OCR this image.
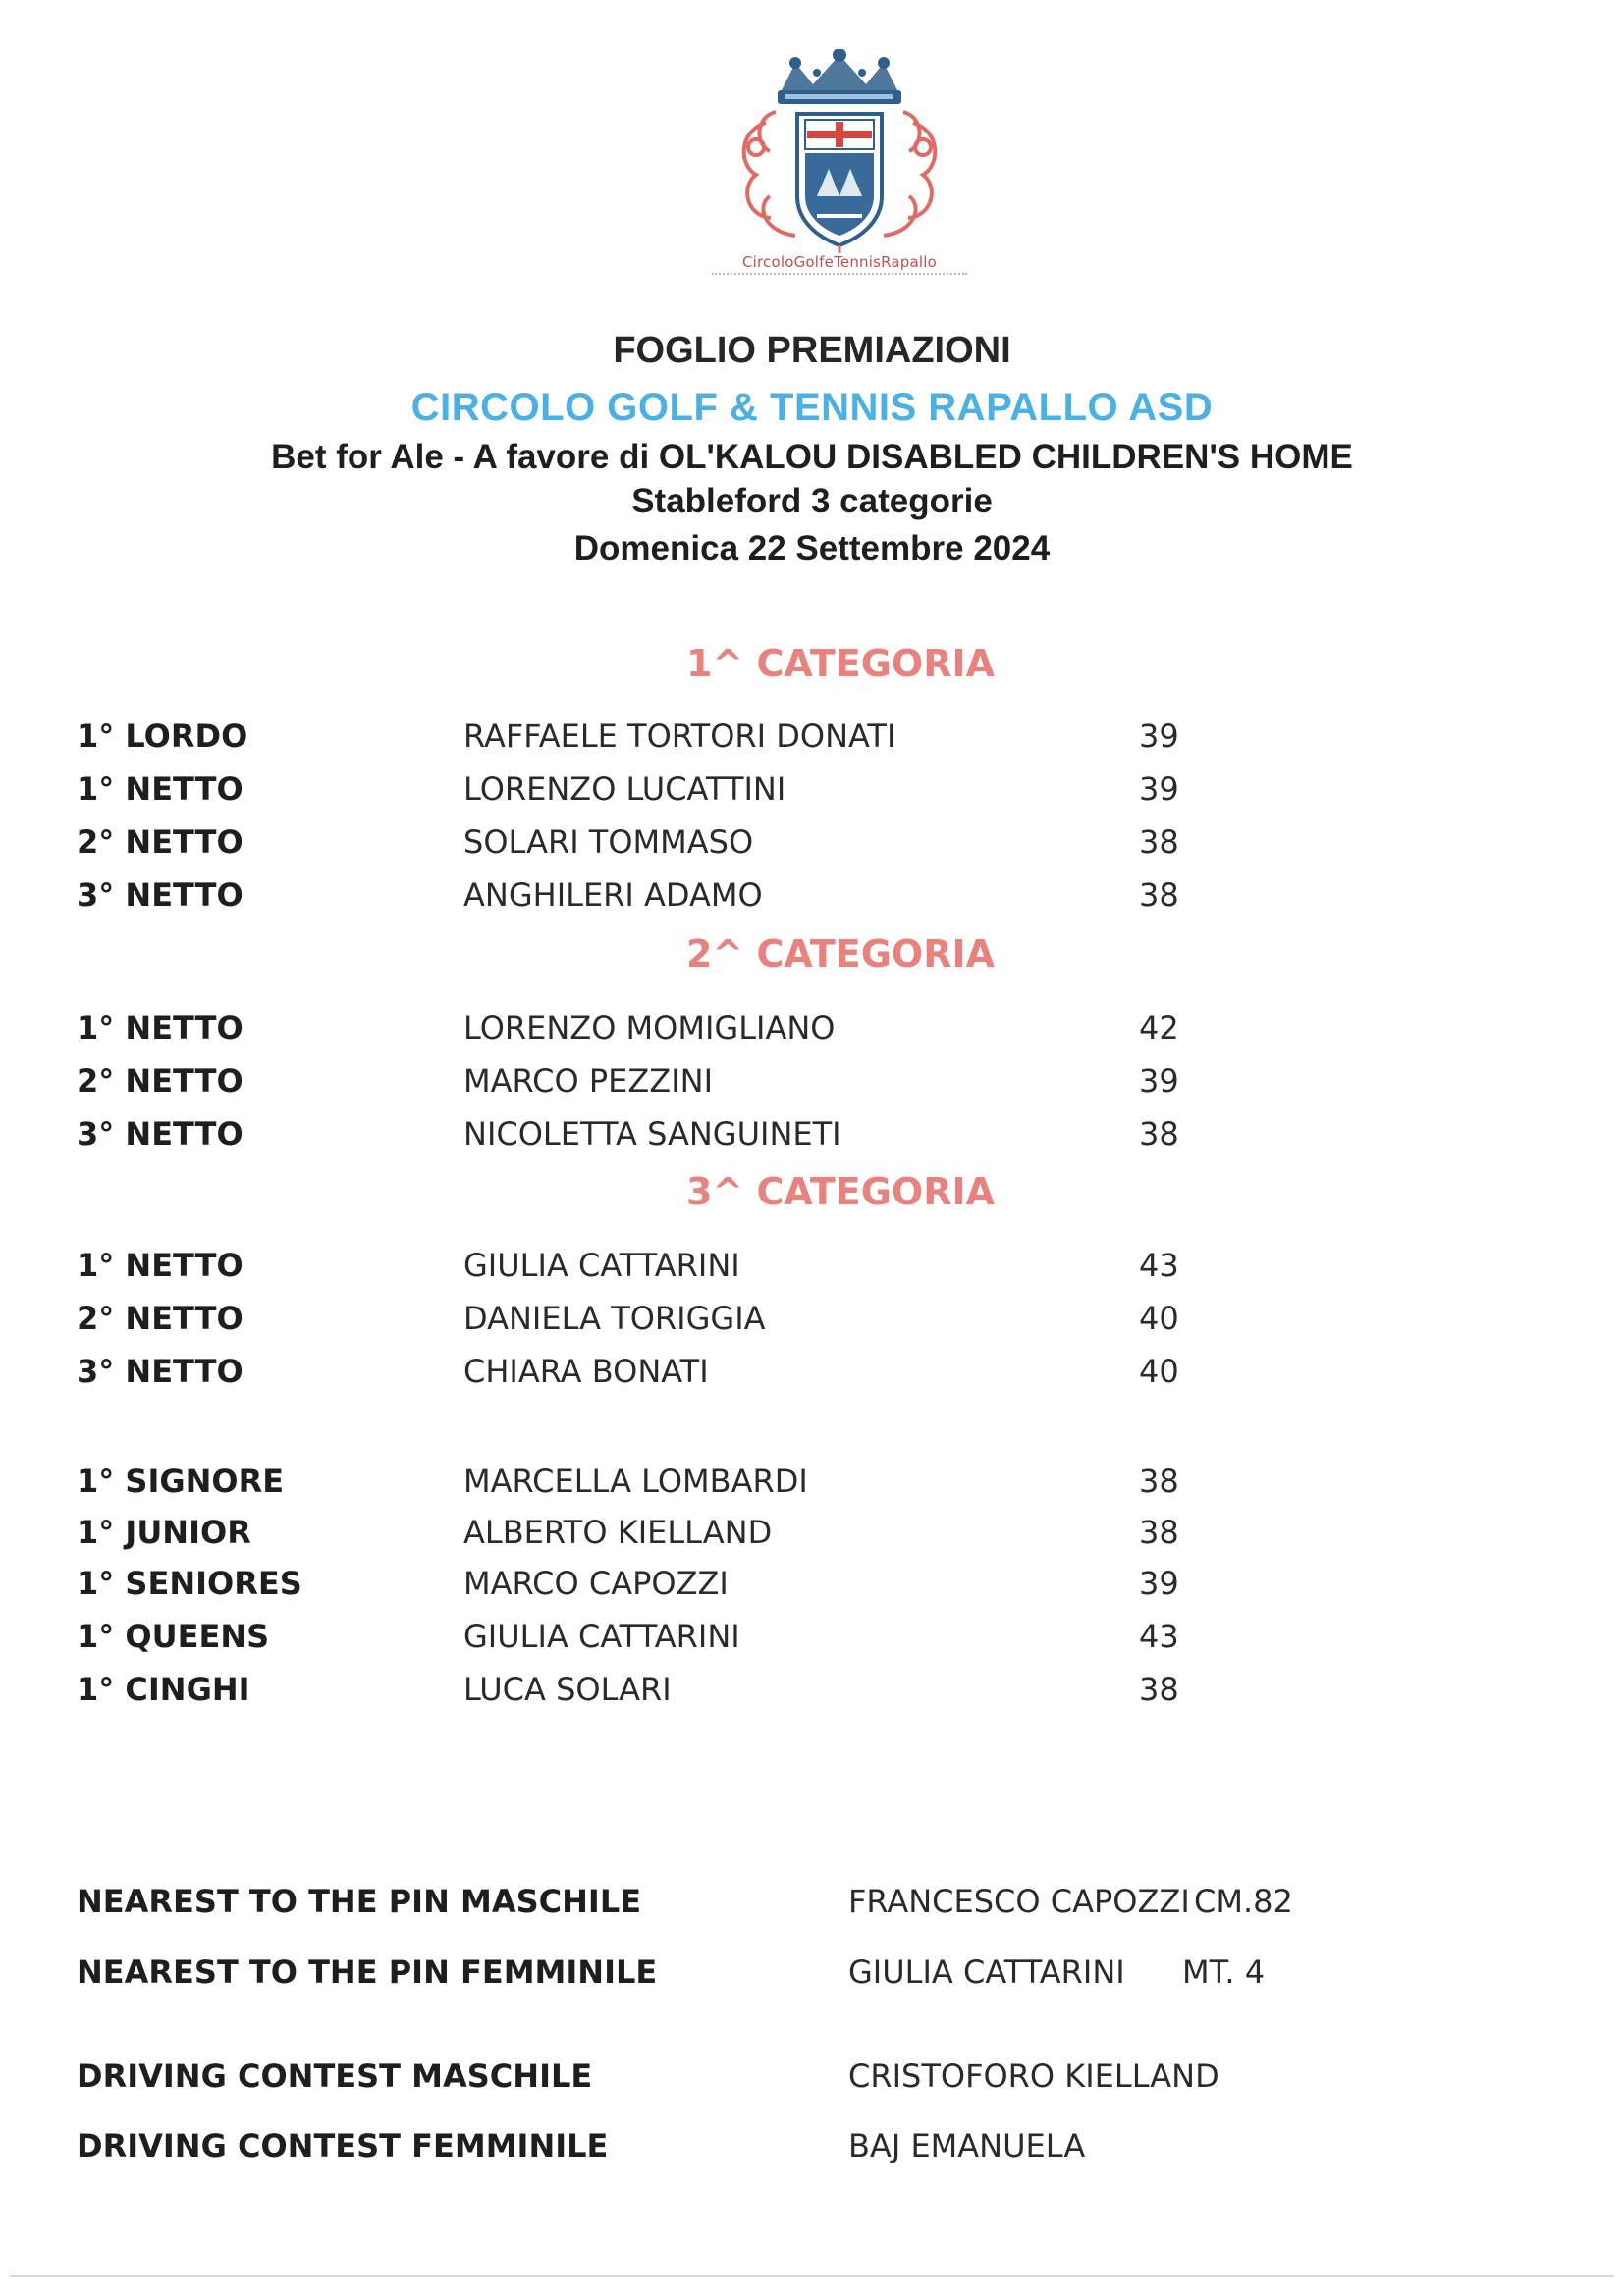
CircoloGolfeTennisRapallo
FOGLIO PREMIAZIONI
CIRCOLO GOLF & TENNIS RAPALLO ASD
Bet for Ale - A favore di OL'KALOU DISABLED CHILDREN'S HOME
Stableford 3 categorie
Domenica 22 Settembre 2024
1^ CATEGORIA
1° LORDO	RAFFAELE TORTORI DONATI	39
1° NETTO	LORENZO LUCATTINI	39
2° NETTO	SOLARI TOMMASO	38
3° NETTO	ANGHILERI ADAMO	38
2^ CATEGORIA
1° NETTO	LORENZO MOMIGLIANO	42
2° NETTO	MARCO PEZZINI	39
3° NETTO	NICOLETTA SANGUINETI	38
3^ CATEGORIA
1° NETTO	GIULIA CATTARINI	43
2° NETTO	DANIELA TORIGGIA	40
3° NETTO	CHIARA BONATI	40
1° SIGNORE	MARCELLA LOMBARDI	38
1° JUNIOR	ALBERTO KIELLAND	38
1° SENIORES	MARCO CAPOZZI	39
1° QUEENS	GIULIA CATTARINI	43
1° CINGHI	LUCA SOLARI	38
NEAREST TO THE PIN MASCHILE	FRANCESCO CAPOZZI CM.82
NEAREST TO THE PIN FEMMINILE	GIULIA CATTARINI MT. 4
DRIVING CONTEST MASCHILE	CRISTOFORO KIELLAND
DRIVING CONTEST FEMMINILE	BAJ EMANUELA
